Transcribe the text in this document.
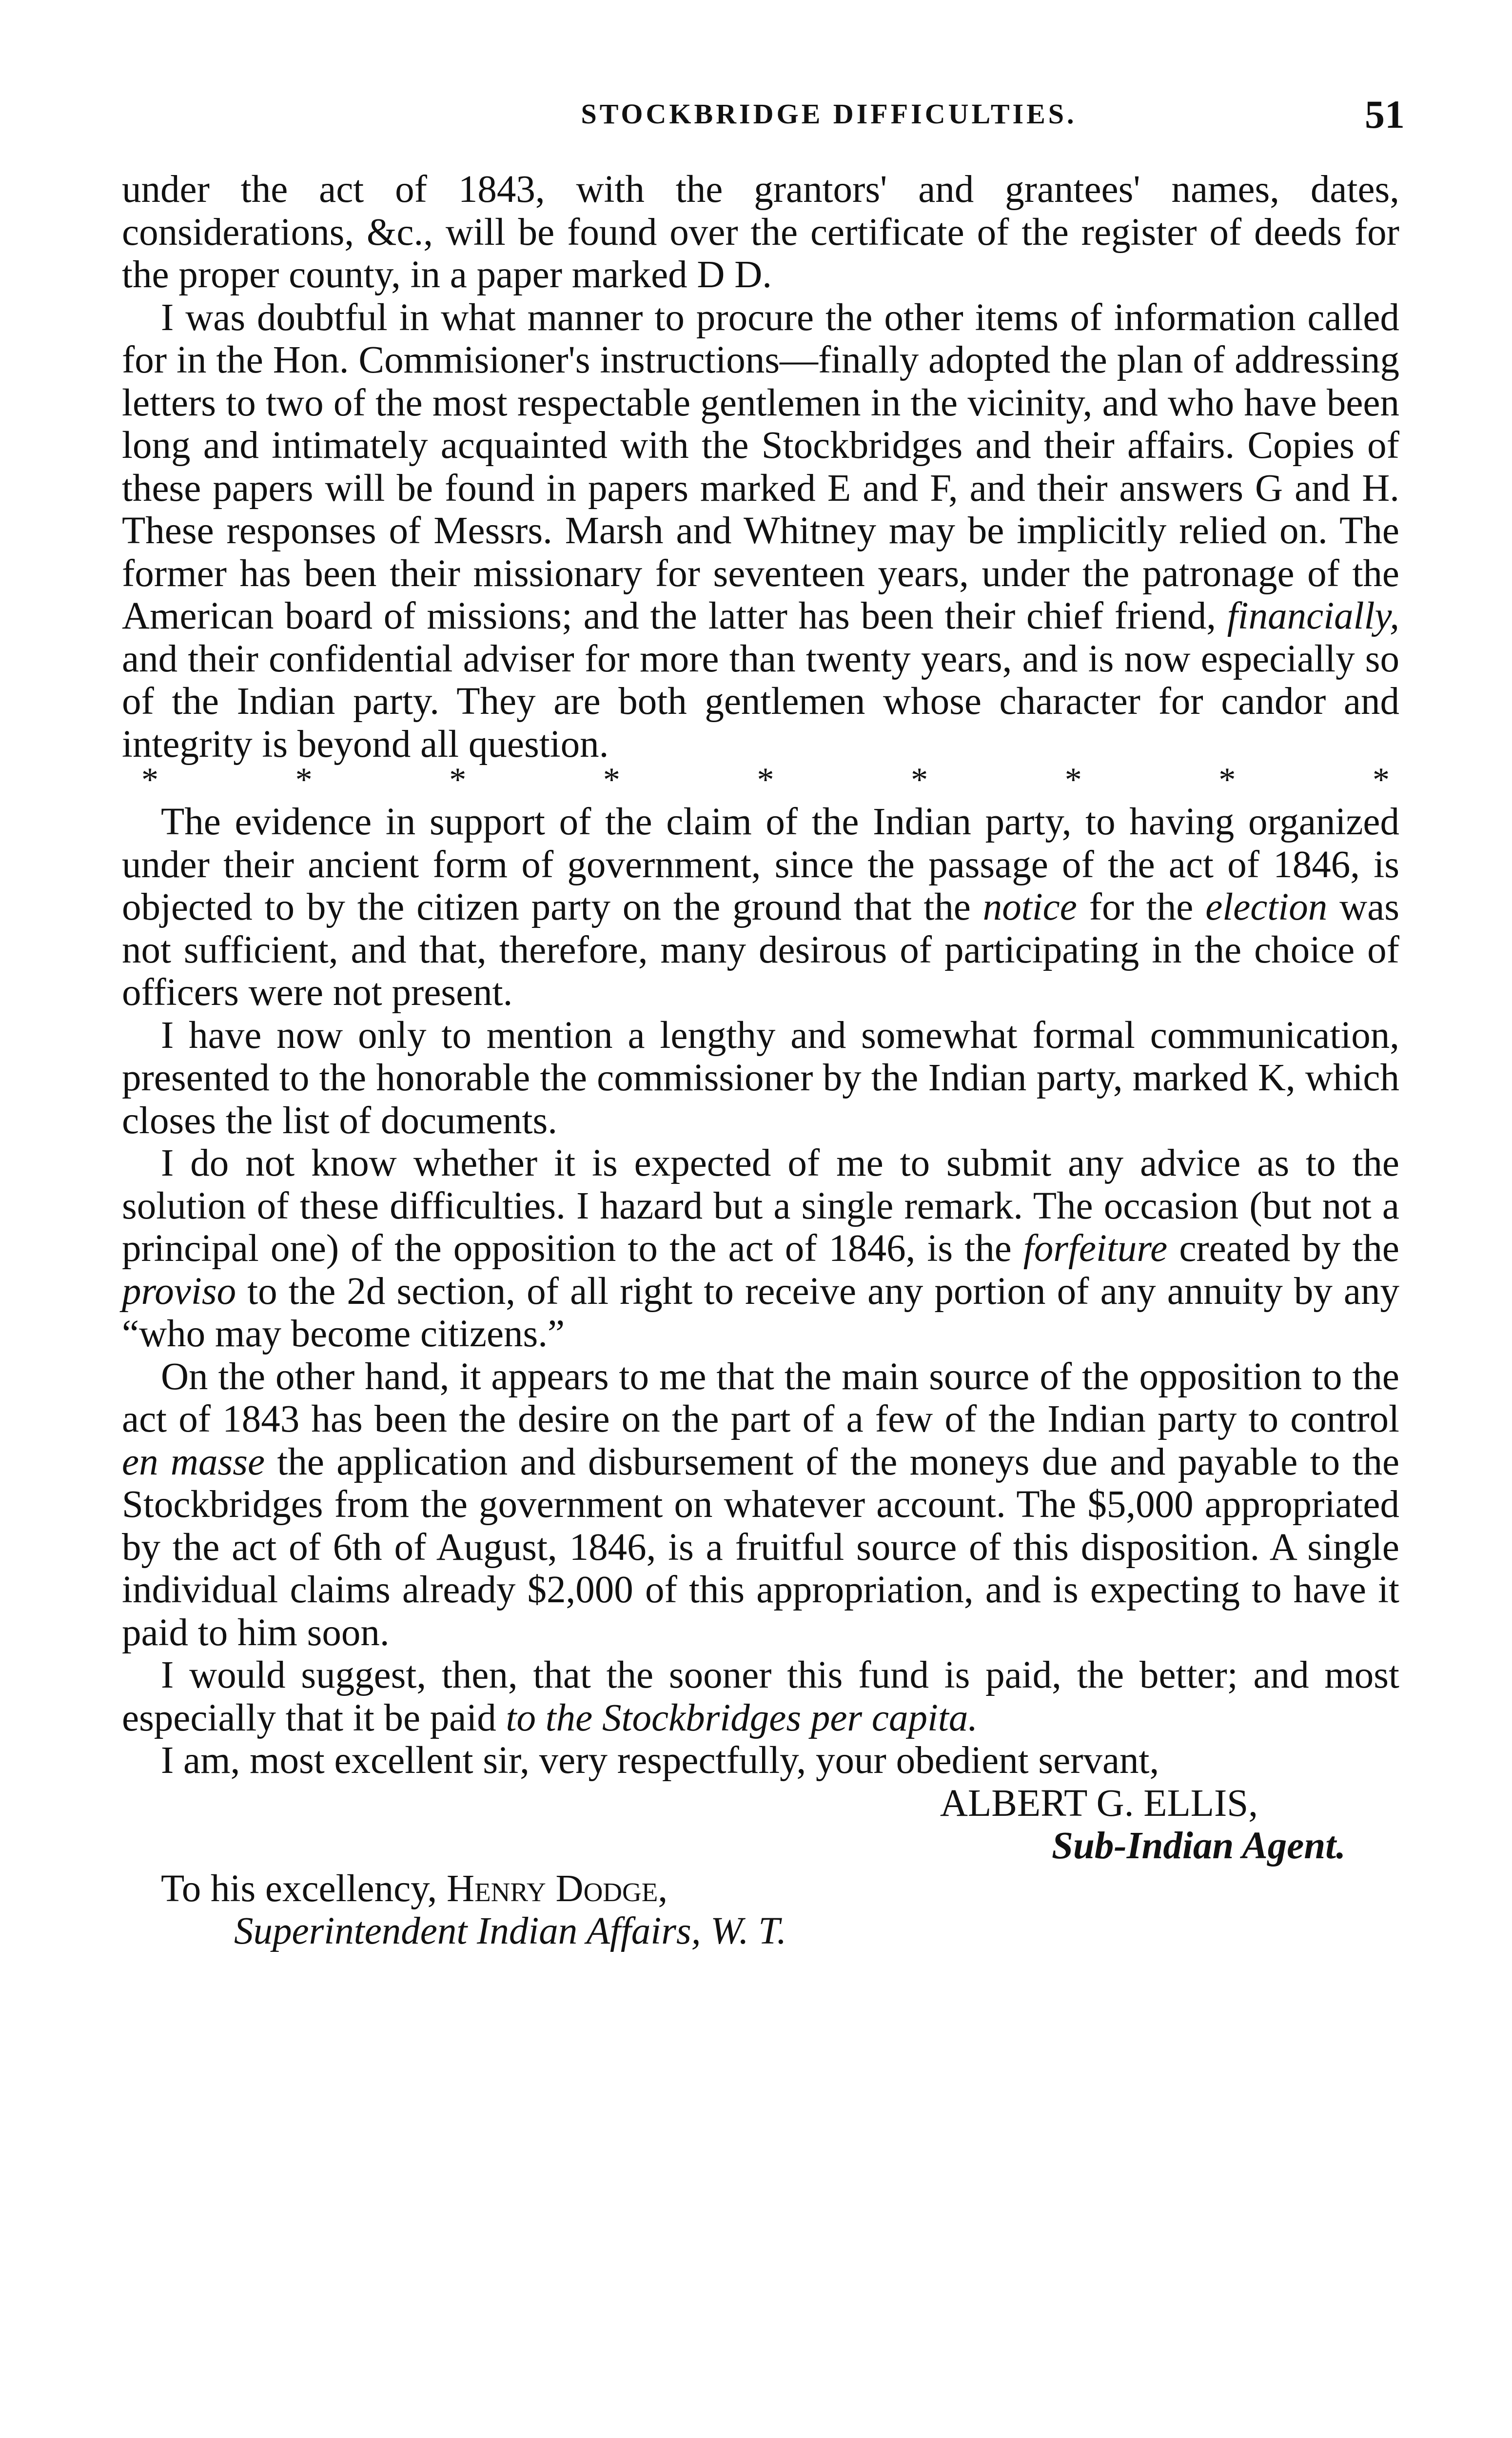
STOCKBRIDGE DIFFICULTIES.	51

under the act of 1843, with the grantors' and grantees' names, dates, considerations, &c., will be found over the certificate of the register of deeds for the proper county, in a paper marked D D.

I was doubtful in what manner to procure the other items of information called for in the Hon. Commisioner's instructions—finally adopted the plan of addressing letters to two of the most respectable gentlemen in the vicinity, and who have been long and intimately acquainted with the Stockbridges and their affairs. Copies of these papers will be found in papers marked E and F, and their answers G and H. These responses of Messrs. Marsh and Whitney may be implicitly relied on. The former has been their missionary for seventeen years, under the patronage of the American board of missions; and the latter has been their chief friend, financially, and their confidential adviser for more than twenty years, and is now especially so of the Indian party. They are both gentlemen whose character for candor and integrity is beyond all question.

*	*	*	*	*	*	*	*	*

The evidence in support of the claim of the Indian party, to having organized under their ancient form of government, since the passage of the act of 1846, is objected to by the citizen party on the ground that the notice for the election was not sufficient, and that, therefore, many desirous of participating in the choice of officers were not present.

I have now only to mention a lengthy and somewhat formal communication, presented to the honorable the commissioner by the Indian party, marked K, which closes the list of documents.

I do not know whether it is expected of me to submit any advice as to the solution of these difficulties. I hazard but a single remark. The occasion (but not a principal one) of the opposition to the act of 1846, is the forfeiture created by the proviso to the 2d section, of all right to receive any portion of any annuity by any “who may become citizens.”

On the other hand, it appears to me that the main source of the opposition to the act of 1843 has been the desire on the part of a few of the Indian party to control en masse the application and disbursement of the moneys due and payable to the Stockbridges from the government on whatever account. The $5,000 appropriated by the act of 6th of August, 1846, is a fruitful source of this disposition. A single individual claims already $2,000 of this appropriation, and is expecting to have it paid to him soon.

I would suggest, then, that the sooner this fund is paid, the better; and most especially that it be paid to the Stockbridges per capita.

I am, most excellent sir, very respectfully, your obedient servant,

ALBERT G. ELLIS,

Sub-Indian Agent.

To his excellency, Henry Dodge,

Superintendent Indian Affairs, W. T.
